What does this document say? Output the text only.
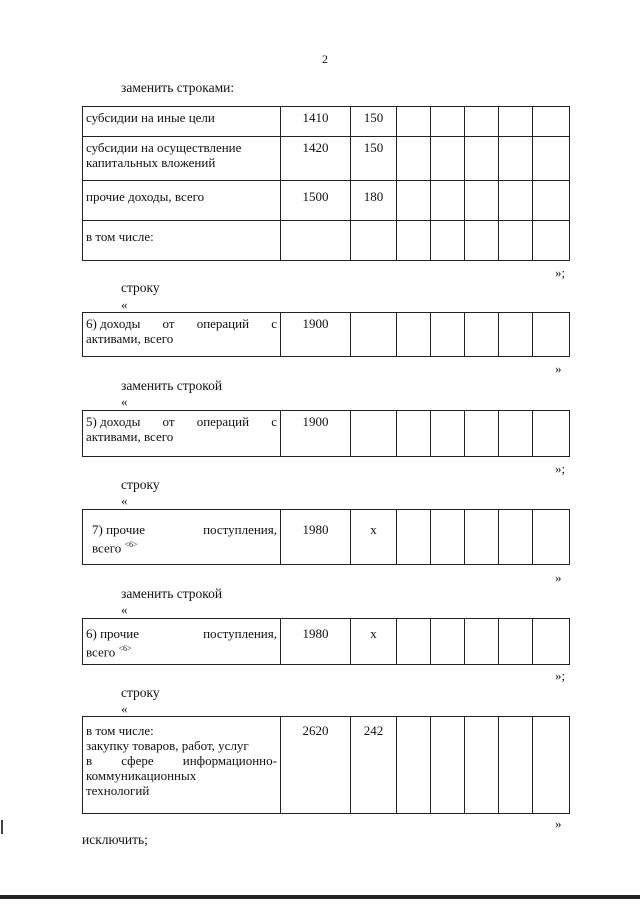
2
заменить строками:
субсидии на иные цели	1410	150					

субсидии на осуществление
капитальных вложений	1420	150					
прочие доходы, всего	1500	180					
в том числе:							
»;
строку
«
6) доходы от операций с
активами, всего
	1900						
»
заменить строкой
«
5) доходы от операций с
активами, всего
	1900						
»;
строку
«
7) прочие	поступления,
всего $^{<6>}$
	1980	х					
»
заменить строкой
«
6) прочие	поступления,
всего $^{<6>}$
	1980	х					
»;
строку
«
в том числе:
закупку товаров, работ, услуг
в сфере информационно-
коммуникационных
технологий
	2620	242					
»
исключить;
